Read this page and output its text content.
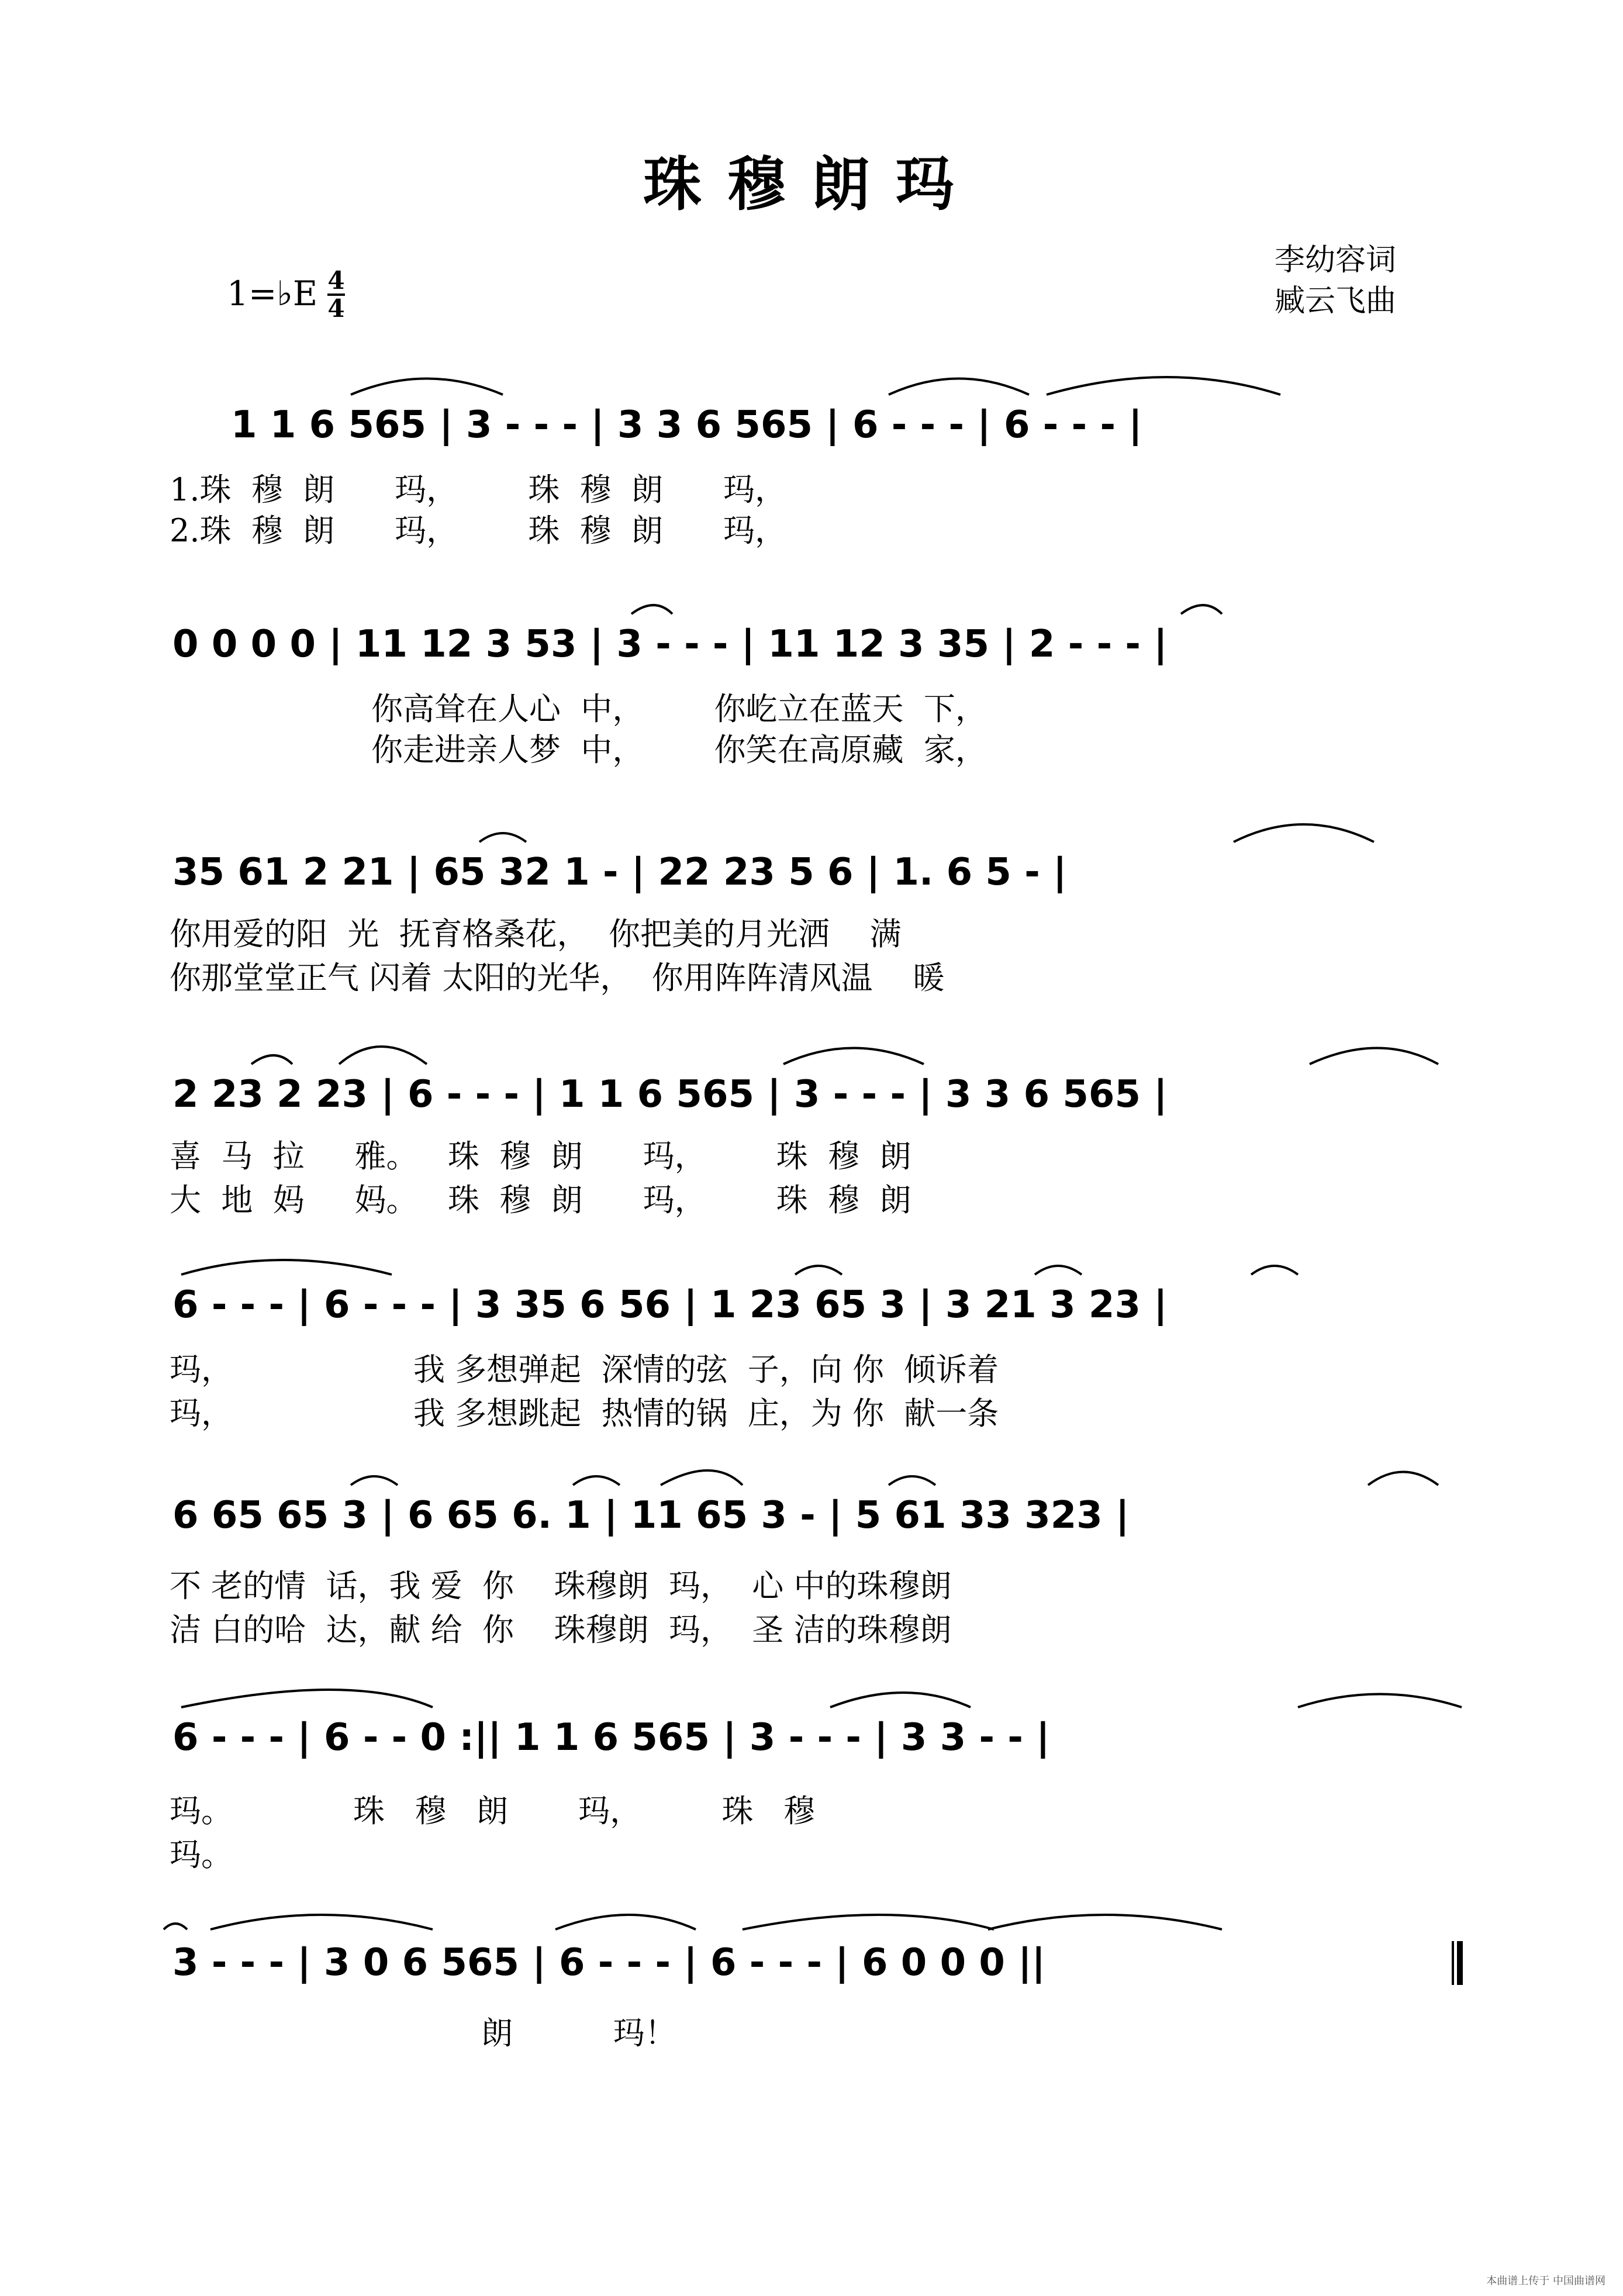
珠穆朗玛
1=♭E 4
4
李幼容词
臧云飞曲
1 1 6 565 | 3 - - - | 3 3 6 565 | 6 - - - | 6 - - - |
1.珠  穆  朗      玛，       珠  穆  朗      玛，
2.珠  穆  朗      玛，       珠  穆  朗      玛，
0 0 0 0 | 11 12 3 53 | 3 - - - | 11 12 3 35 | 2 - - - |
你高耸在人心  中，       你屹立在蓝天  下，
你走进亲人梦  中，       你笑在高原藏  家，
35 61 2 21 | 65 32 1 - | 22 23 5 6 | 1. 6 5 - |
你用爱的阳  光  抚育格桑花，  你把美的月光洒    满
你那堂堂正气 闪着 太阳的光华，  你用阵阵清风温    暖
2 23 2 23 | 6 - - - | 1 1 6 565 | 3 - - - | 3 3 6 565 |
喜  马  拉     雅。   珠  穆  朗      玛，       珠  穆  朗
大  地  妈     妈。   珠  穆  朗      玛，       珠  穆  朗
6 - - - | 6 - - - | 3 35 6 56 | 1 23 65 3 | 3 21 3 23 |
玛，                  我 多想弹起  深情的弦  子，向 你  倾诉着
玛，                  我 多想跳起  热情的锅  庄，为 你  献一条
6 65 65 3 | 6 65 6. 1 | 11 65 3 - | 5 61 33 323 |
不 老的情  话，我 爱  你    珠穆朗  玛，  心 中的珠穆朗
洁 白的哈  达，献 给  你    珠穆朗  玛，  圣 洁的珠穆朗
6 - - - | 6 - - 0 :|| 1 1 6 565 | 3 - - - | 3 3 - - |
玛。            珠   穆   朗       玛，        珠   穆
玛。
3 - - - | 3 0 6 565 | 6 - - - | 6 - - - | 6 0 0 0 ||
朗          玛！
本曲谱上传于 中国曲谱网
